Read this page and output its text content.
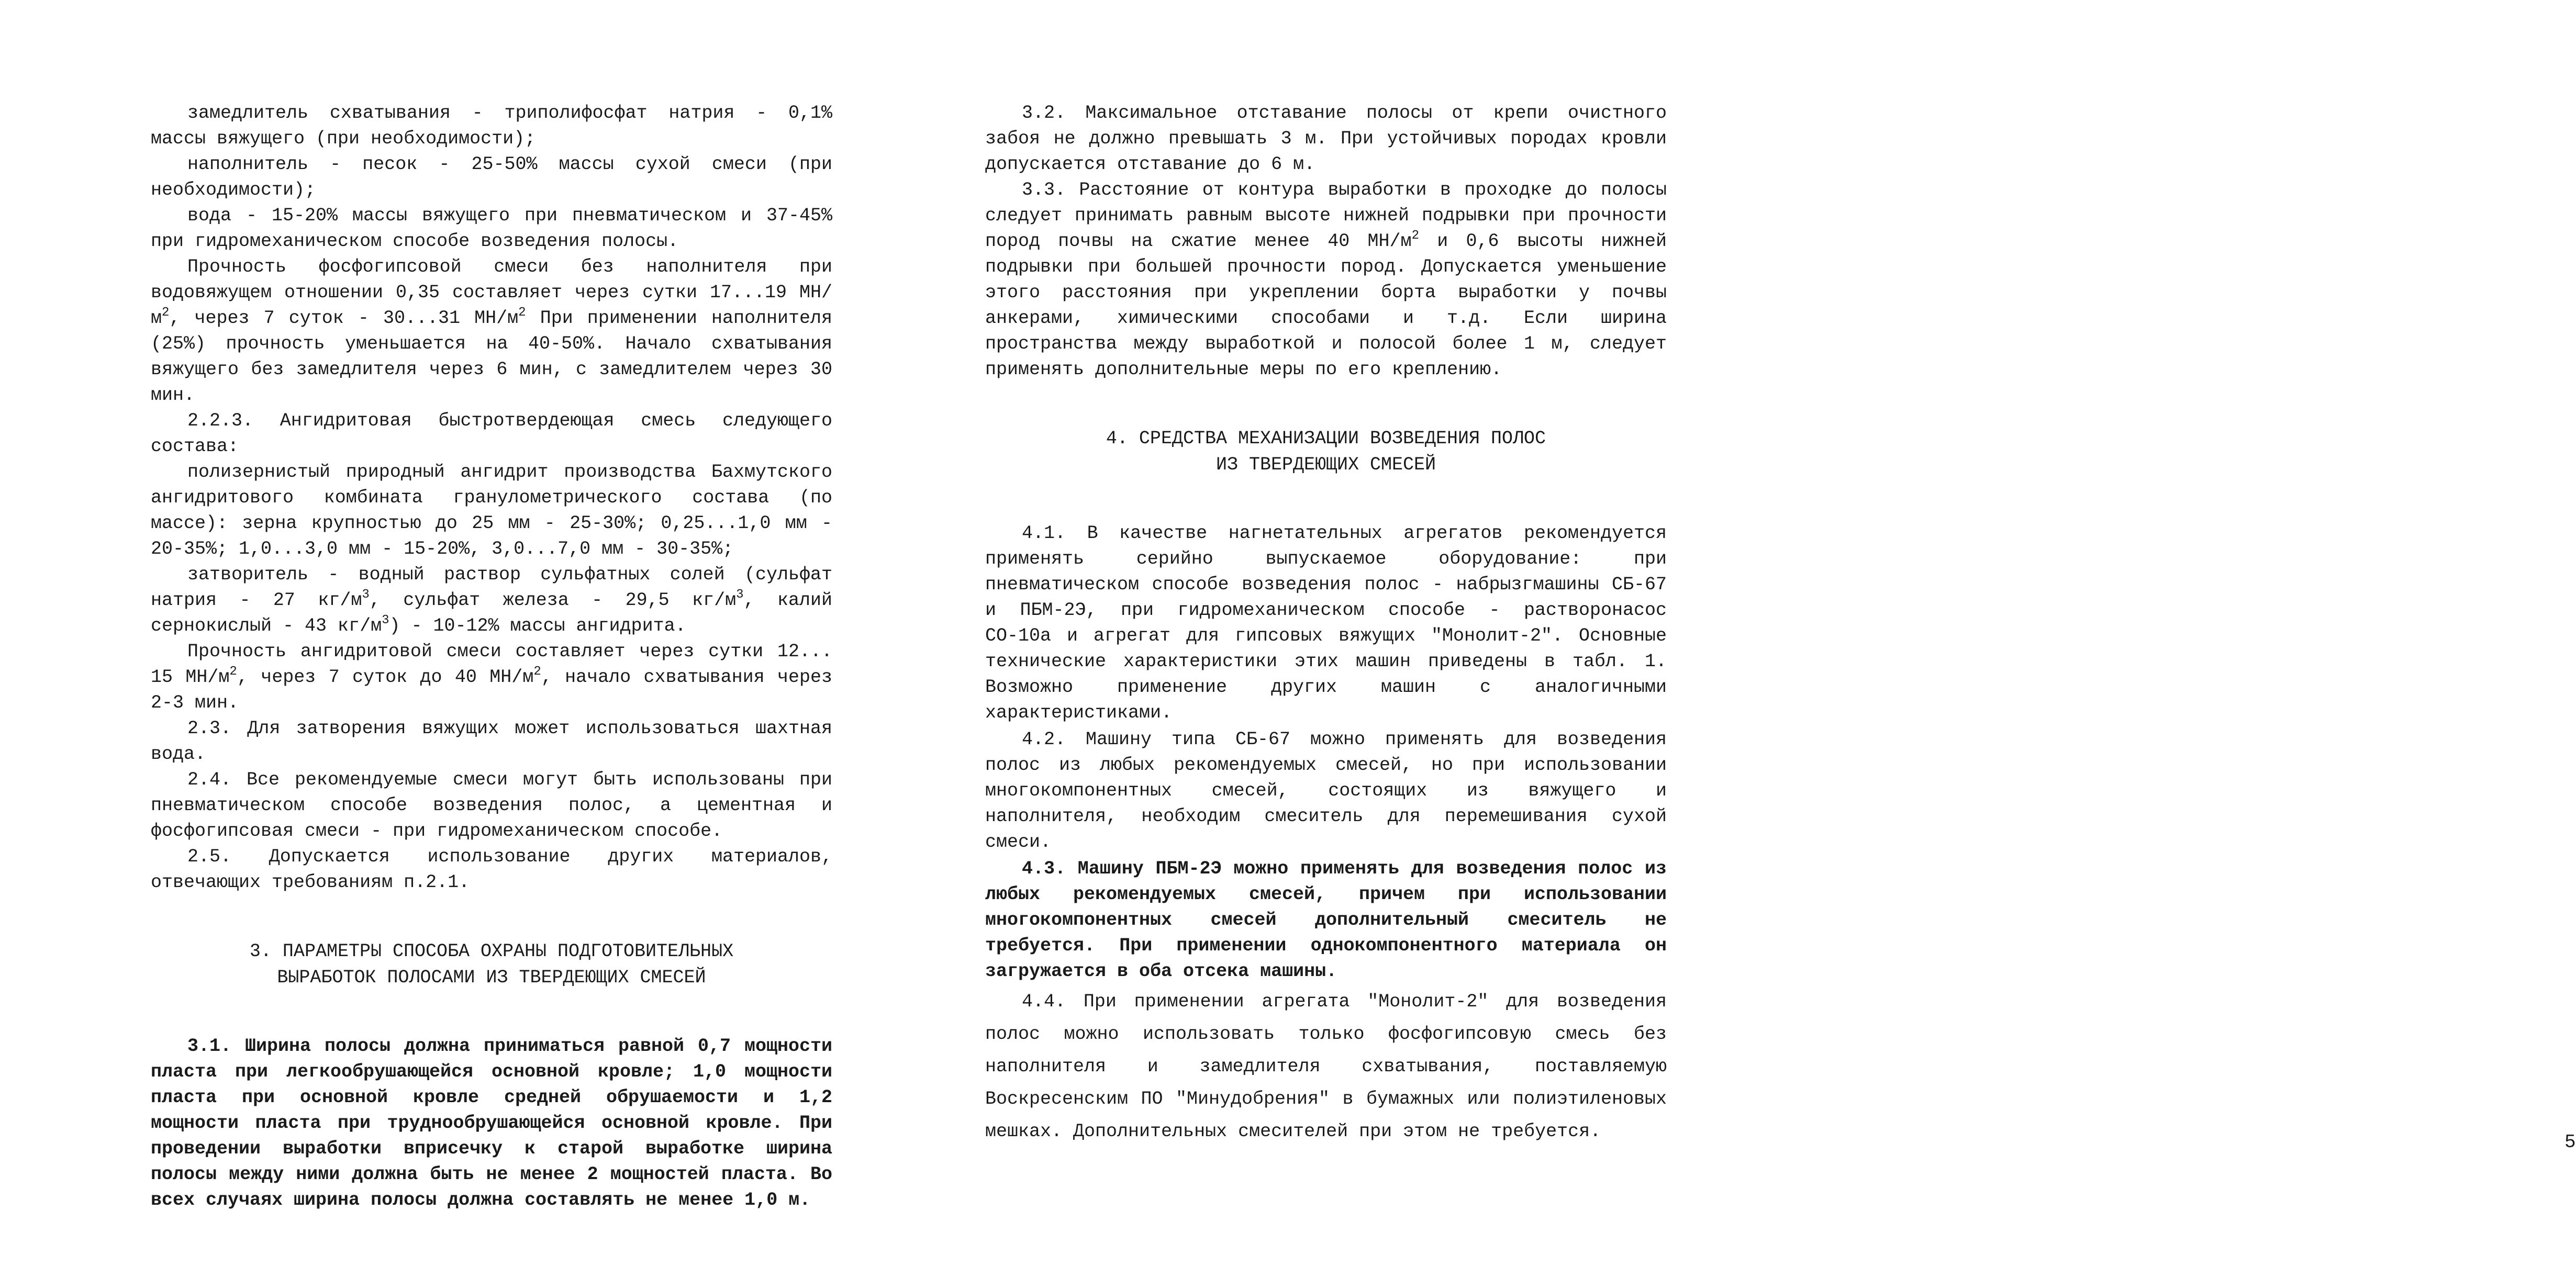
замедлитель схватывания - триполифосфат натрия - 0,1% массы вяжущего (при необходимости);

наполнитель - песок - 25-50% массы сухой смеси (при необходимости);

вода - 15-20% массы вяжущего при пневматическом и 37-45% при гидромеханическом способе возведения полосы.

Прочность фосфогипсовой смеси без наполнителя при водовяжущем отношении 0,35 составляет через сутки 17...19 $МН/м^2$, через 7 суток - 30...31 $МН/м^2$ При применении наполнителя (25%) прочность уменьшается на 40-50%. Начало схватывания вяжущего без замедлителя через 6 мин, с замедлителем через 30 мин.

2.2.3. Ангидритовая быстротвердеющая смесь следующего состава:

полизернистый природный ангидрит производства Бахмутского ангидритового комбината гранулометрического состава (по массе): зерна крупностью до 25 мм - 25-30%; 0,25...1,0 мм - 20-35%; 1,0...3,0 мм - 15-20%, 3,0...7,0 мм - 30-35%;

затворитель - водный раствор сульфатных солей (сульфат натрия - 27 $кг/м^3$, сульфат железа - 29,5 $кг/м^3$, калий сернокислый - 43 $кг/м^3) - 10-12\%$ массы ангидрита.

Прочность ангидритовой смеси составляет через сутки 12... 15 $МН/м^2$, через 7 суток до 40 $МН/м^2$, начало схватывания через 2-3 мин.

2.3. Для затворения вяжущих может использоваться шахтная вода.

2.4. Все рекомендуемые смеси могут быть использованы при пневматическом способе возведения полос, а цементная и фосфогипсовая смеси - при гидромеханическом способе.

2.5. Допускается использование других материалов, отвечающих требованиям п.2.1.

3. ПАРАМЕТРЫ СПОСОБА ОХРАНЫ ПОДГОТОВИТЕЛЬНЫХ
ВЫРАБОТОК ПОЛОСАМИ ИЗ ТВЕРДЕЮЩИХ СМЕСЕЙ

3.1. Ширина полосы должна приниматься равной 0,7 мощности пласта при легкообрушающейся основной кровле; 1,0 мощности пласта при основной кровле средней обрушаемости и 1,2 мощности пласта при труднообрушающейся основной кровле. При проведении выработки вприсечку к старой выработке ширина полосы между ними должна быть не менее 2 мощностей пласта. Во всех случаях ширина полосы должна составлять не менее 1,0 м.

3.2. Максимальное отставание полосы от крепи очистного забоя не должно превышать 3 м. При устойчивых породах кровли допускается отставание до 6 м.

3.3. Расстояние от контура выработки в проходке до полосы следует принимать равным высоте нижней подрывки при прочности пород почвы на сжатие менее 40 $МН/м^2$ и 0,6 высоты нижней подрывки при большей прочности пород. Допускается уменьшение этого расстояния при укреплении борта выработки у почвы анкерами, химическими способами и т.д. Если ширина пространства между выработкой и полосой более 1 м, следует применять дополнительные меры по его креплению.

4. СРЕДСТВА МЕХАНИЗАЦИИ ВОЗВЕДЕНИЯ ПОЛОС
ИЗ ТВЕРДЕЮЩИХ СМЕСЕЙ

4.1. В качестве нагнетательных агрегатов рекомендуется применять серийно выпускаемое оборудование: при пневматическом способе возведения полос - набрызгмашины СБ-67 и ПБМ-2Э, при гидромеханическом способе - растворонасос СО-10а и агрегат для гипсовых вяжущих "Монолит-2". Основные технические характеристики этих машин приведены в табл. 1. Возможно применение других машин с аналогичными характеристиками.

4.2. Машину типа СБ-67 можно применять для возведения полос из любых рекомендуемых смесей, но при использовании многокомпонентных смесей, состоящих из вяжущего и наполнителя, необходим смеситель для перемешивания сухой смеси.

4.3. Машину ПБМ-2Э можно применять для возведения полос из любых рекомендуемых смесей, причем при использовании многокомпонентных смесей дополнительный смеситель не требуется. При применении однокомпонентного материала он загружается в оба отсека машины.

4.4. При применении агрегата "Монолит-2" для возведения полос можно использовать только фосфогипсовую смесь без наполнителя и замедлителя схватывания, поставляемую Воскресенским ПО "Минудобрения" в бумажных или полиэтиленовых мешках. Дополнительных смесителей при этом не требуется.	5
